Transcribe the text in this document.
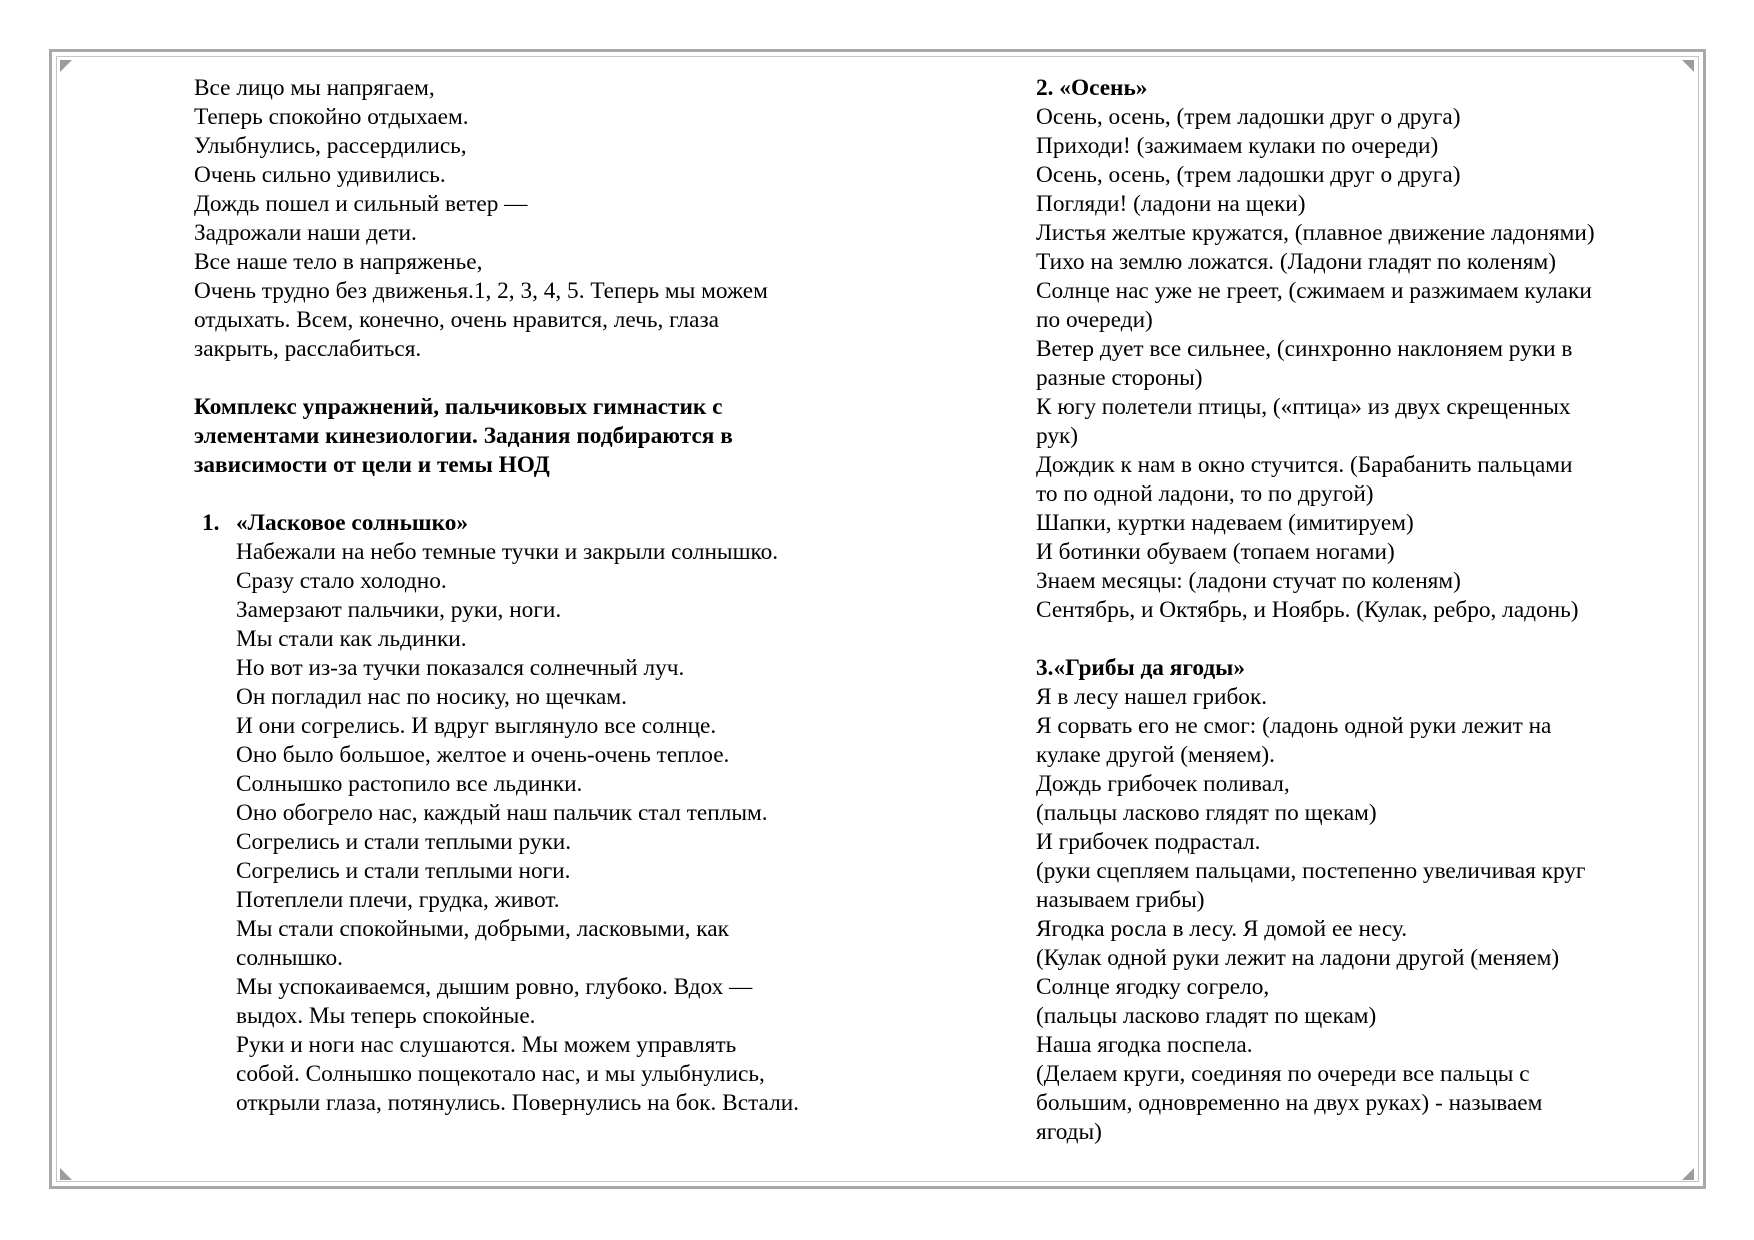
Все лицо мы напрягаем,

Теперь спокойно отдыхаем.

Улыбнулись, рассердились,

Очень сильно удивились.

Дождь пошел и сильный ветер —

Задрожали наши дети.

Все наше тело в напряженье,

Очень трудно без движенья.1, 2, 3, 4, 5. Теперь мы можем

отдыхать. Всем, конечно, очень нравится, лечь, глаза

закрыть, расслабиться.

Комплекс упражнений, пальчиковых гимнастик с

элементами кинезиологии. Задания подбираются в

зависимости от цели и темы НОД

1. «Ласковое солньшко»

Набежали на небо темные тучки и закрыли солнышко.

Сразу стало холодно.

Замерзают пальчики, руки, ноги.

Мы стали как льдинки.

Но вот из-за тучки показался солнечный луч.

Он погладил нас по носику, но щечкам.

И они согрелись. И вдруг выглянуло все солнце.

Оно было большое, желтое и очень-очень теплое.

Солнышко растопило все льдинки.

Оно обогрело нас, каждый наш пальчик стал теплым.

Согрелись и стали теплыми руки.

Согрелись и стали теплыми ноги.

Потеплели плечи, грудка, живот.

Мы стали спокойными, добрыми, ласковыми, как

солнышко.

Мы успокаиваемся, дышим ровно, глубоко. Вдох —

выдох. Мы теперь спокойные.

Руки и ноги нас слушаются. Мы можем управлять

собой. Солнышко пощекотало нас, и мы улыбнулись,

открыли глаза, потянулись. Повернулись на бок. Встали.

2. «Осень»

Осень, осень, (трем ладошки друг о друга)

Приходи! (зажимаем кулаки по очереди)

Осень, осень, (трем ладошки друг о друга)

Погляди! (ладони на щеки)

Листья желтые кружатся, (плавное движение ладонями)

Тихо на землю ложатся. (Ладони гладят по коленям)

Солнце нас уже не греет, (сжимаем и разжимаем кулаки

по очереди)

Ветер дует все сильнее, (синхронно наклоняем руки в

разные стороны)

К югу полетели птицы, («птица» из двух скрещенных

рук)

Дождик к нам в окно стучится. (Барабанить пальцами

то по одной ладони, то по другой)

Шапки, куртки надеваем (имитируем)

И ботинки обуваем (топаем ногами)

Знаем месяцы: (ладони стучат по коленям)

Сентябрь, и Октябрь, и Ноябрь. (Кулак, ребро, ладонь)

3.«Грибы да ягоды»

Я в лесу нашел грибок.

Я сорвать его не смог: (ладонь одной руки лежит на

кулаке другой (меняем).

Дождь грибочек поливал,

(пальцы ласково глядят по щекам)

И грибочек подрастал.

(руки сцепляем пальцами, постепенно увеличивая круг

называем грибы)

Ягодка росла в лесу. Я домой ее несу.

(Кулак одной руки лежит на ладони другой (меняем)

Солнце ягодку согрело,

(пальцы ласково гладят по щекам)

Наша ягодка поспела.

(Делаем круги, соединяя по очереди все пальцы с

большим, одновременно на двух руках) - называем

ягоды)
